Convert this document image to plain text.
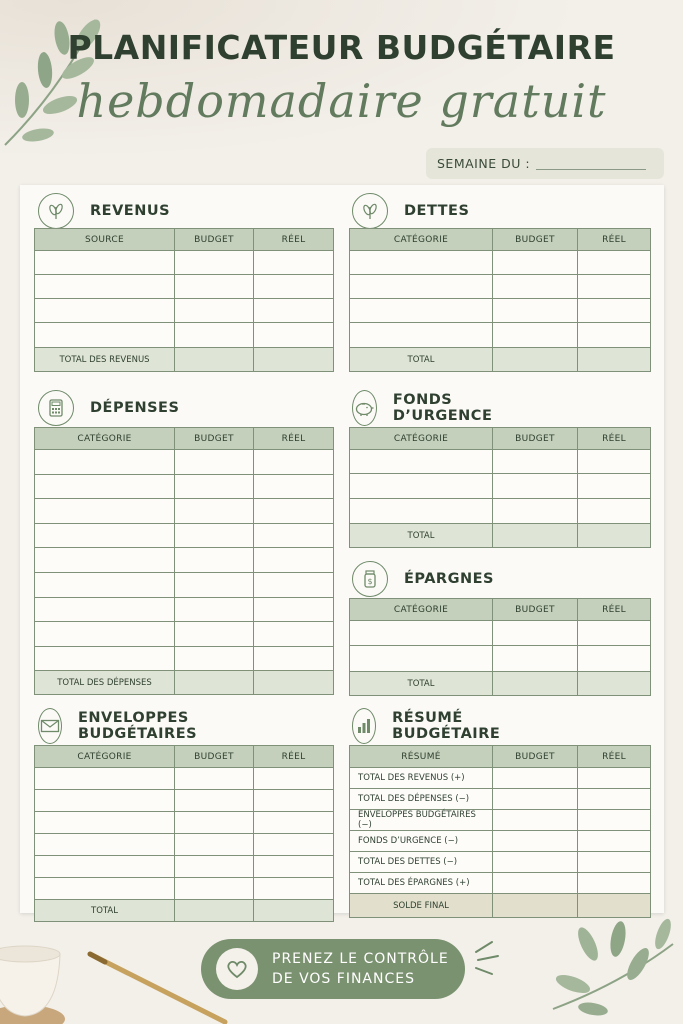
PLANIFICATEUR BUDGÉTAIRE
hebdomadaire gratuit
SEMAINE DU :
REVENUS
SOURCE	BUDGET	RÉEL

TOTAL DES REVENUS		
DETTES
CATÉGORIE	BUDGET	RÉEL

TOTAL		
DÉPENSES
CATÉGORIE	BUDGET	RÉEL

TOTAL DES DÉPENSES		
FONDS D’URGENCE
CATÉGORIE	BUDGET	RÉEL

TOTAL		
$ ÉPARGNES
CATÉGORIE	BUDGET	RÉEL

TOTAL		
ENVELOPPES BUDGÉTAIRES
CATÉGORIE	BUDGET	RÉEL

TOTAL		
RÉSUMÉ BUDGÉTAIRE
RÉSUMÉ	BUDGET	RÉEL
TOTAL DES REVENUS (+)		
TOTAL DES DÉPENSES (−)		
ENVELOPPES BUDGÉTAIRES (−)		
FONDS D’URGENCE (−)		
TOTAL DES DETTES (−)		
TOTAL DES ÉPARGNES (+)		
SOLDE FINAL		
PRENEZ LE CONTRÔLE
DE VOS FINANCES
